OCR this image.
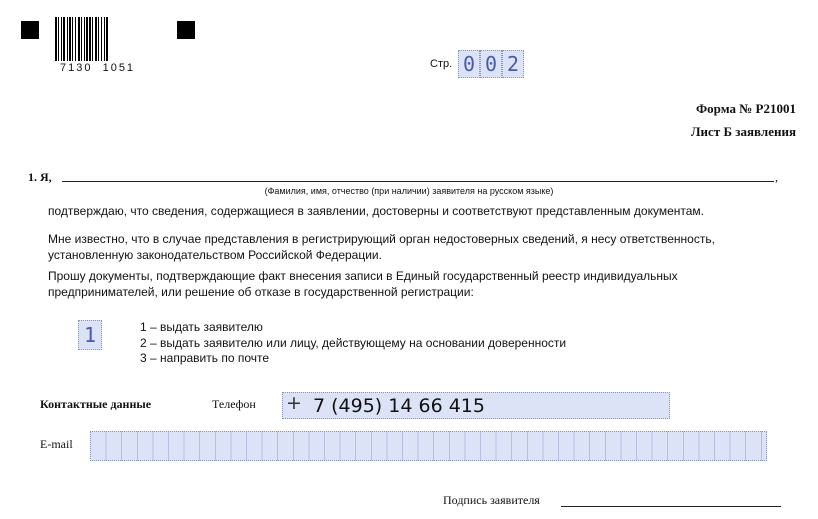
7130  1051	Стр. 0 0 2
Форма № Р21001
Лист Б заявления
1. Я,	,
(Фамилия, имя, отчество (при наличии) заявителя на русском языке)
подтверждаю, что сведения, содержащиеся в заявлении, достоверны и соответствуют представленным документам.
Мне известно, что в случае представления в регистрирующий орган недостоверных сведений, я несу ответственность, установленную законодательством Российской Федерации.
Прошу документы, подтверждающие факт внесения записи в Единый государственный реестр индивидуальных предпринимателей, или решение об отказе в государственной регистрации:
1	1 – выдать заявителю
2 – выдать заявителю или лицу, действующему на основании доверенности
3 – направить по почте
Контактные данные	Телефон + 7 (495) 14 66 415
E-mail
Подпись заявителя
